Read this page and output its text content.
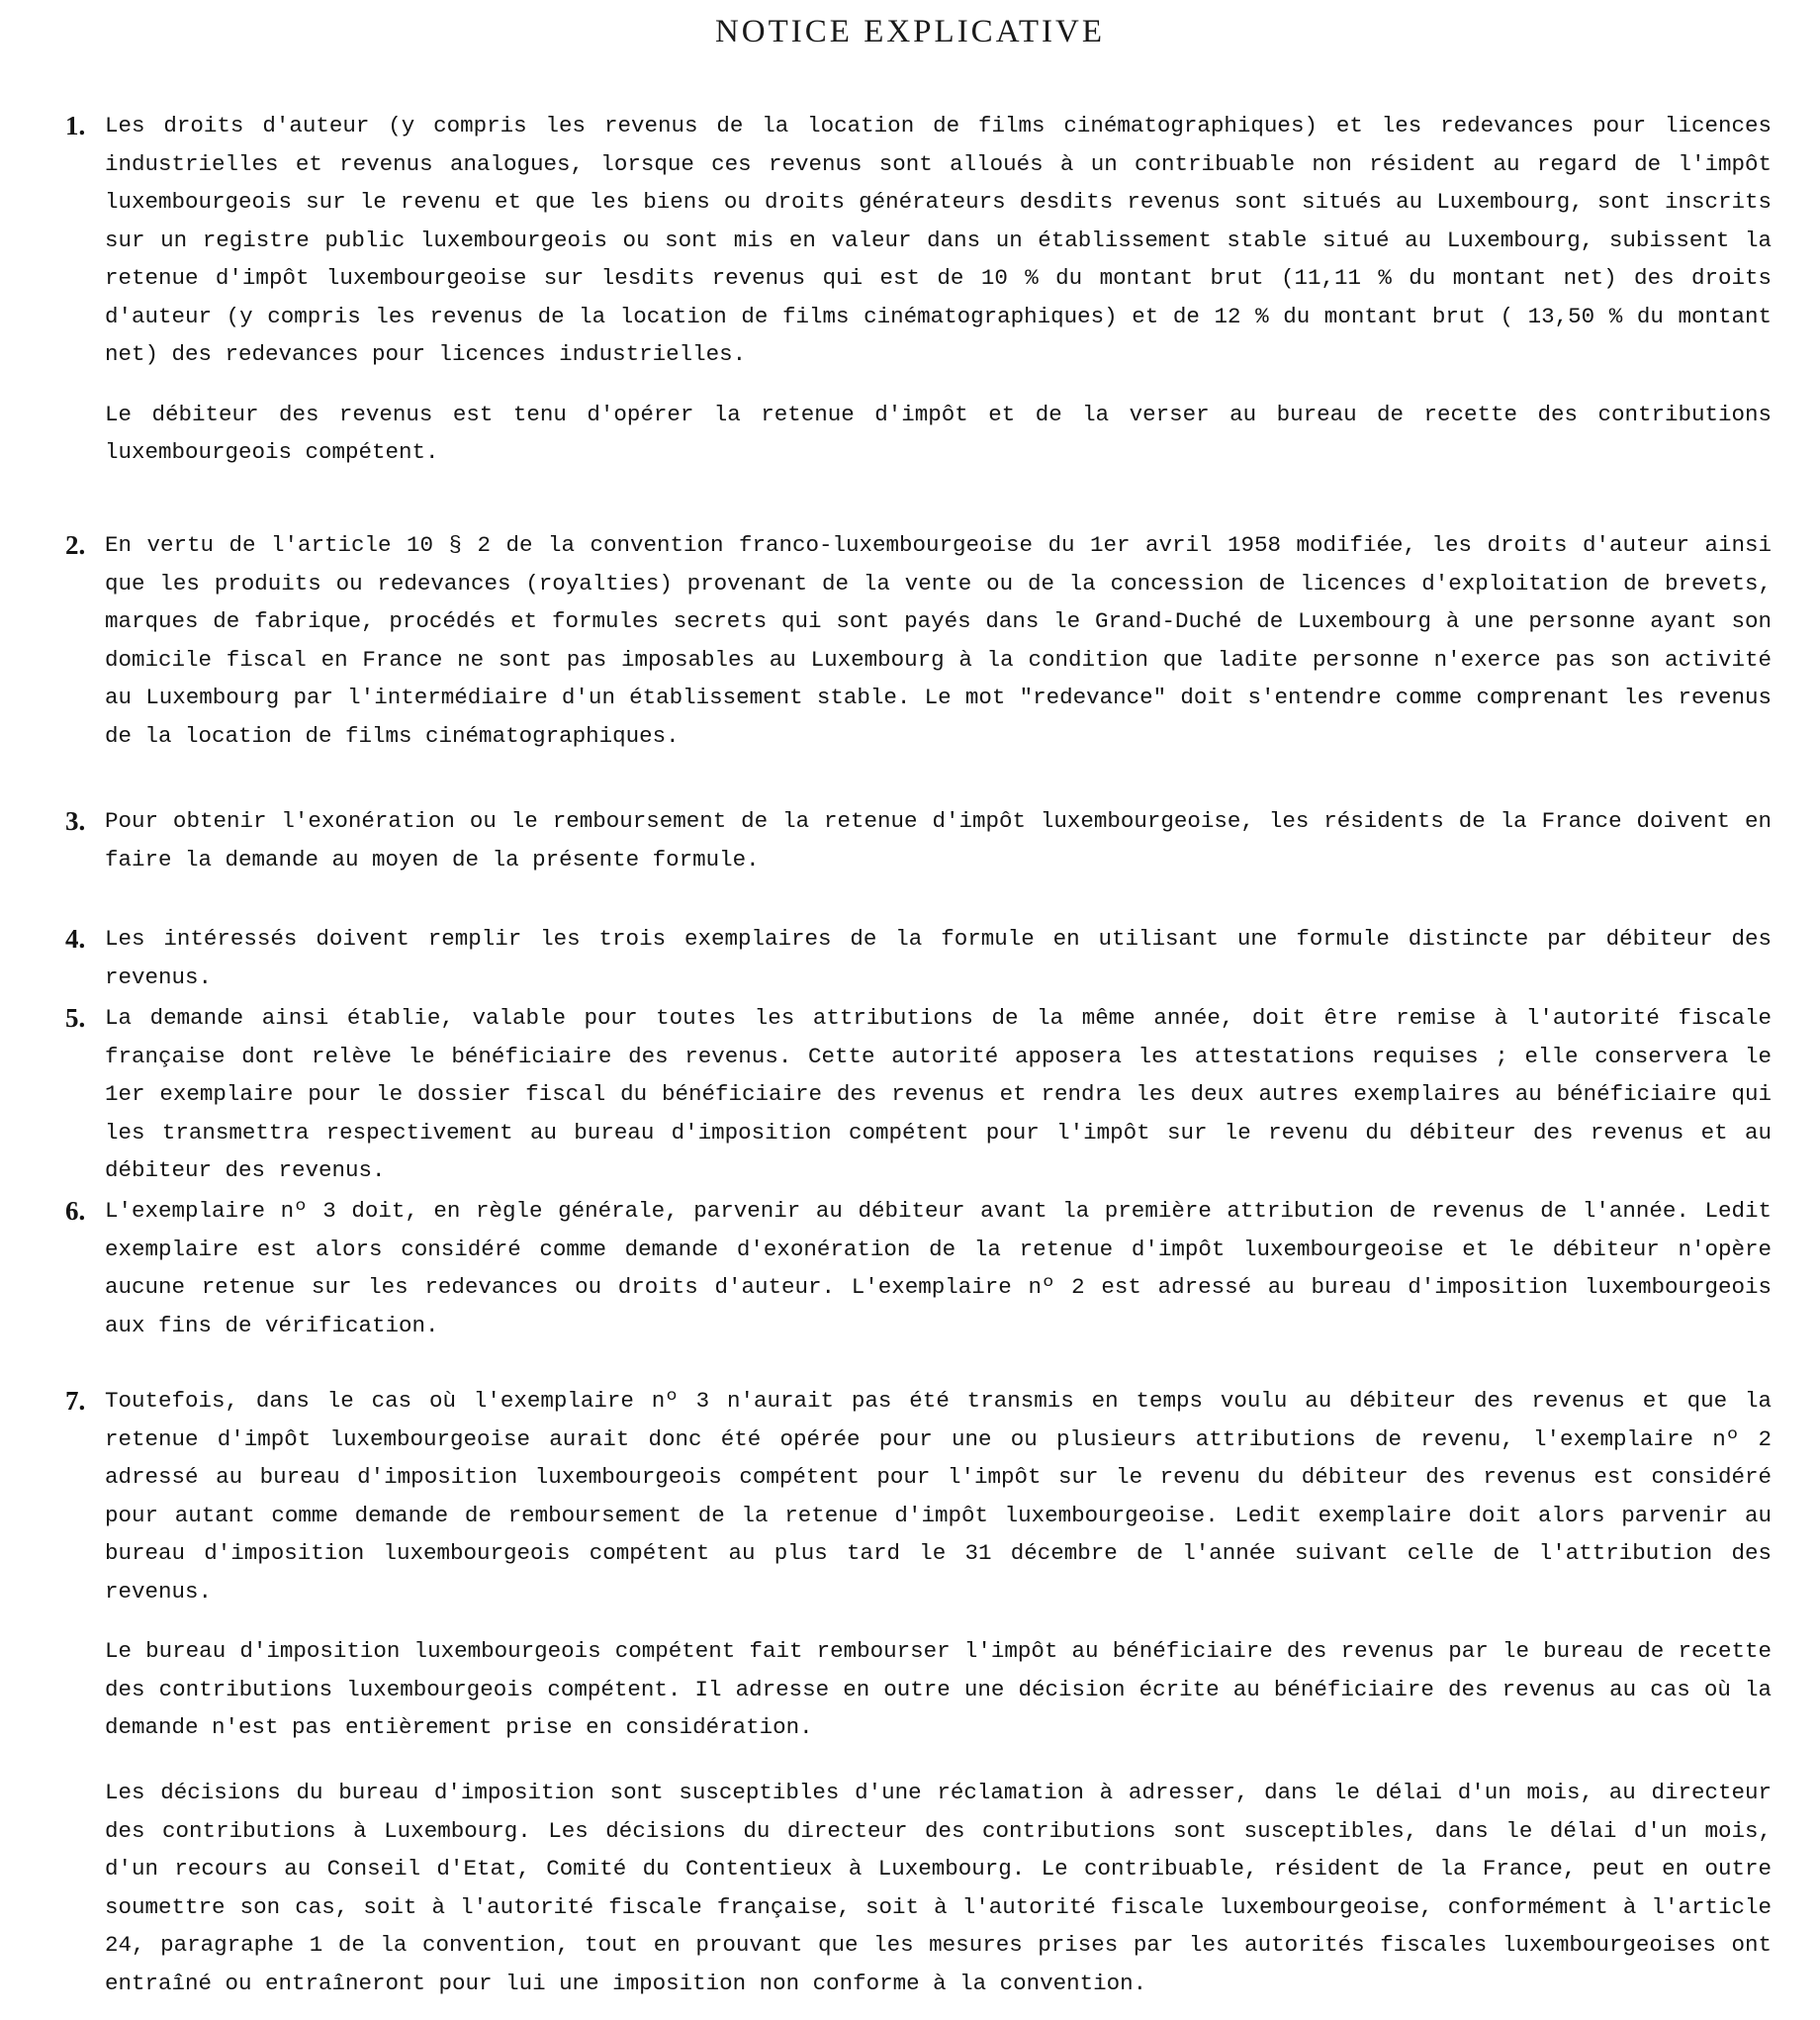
NOTICE EXPLICATIVE
1. Les droits d'auteur (y compris les revenus de la location de films cinématographiques) et les redevances pour licences industrielles et revenus analogues, lorsque ces revenus sont alloués à un contribuable non résident au regard de l'impôt luxembourgeois sur le revenu et que les biens ou droits générateurs desdits revenus sont situés au Luxembourg, sont inscrits sur un registre public luxembourgeois ou sont mis en valeur dans un établissement stable situé au Luxembourg, subissent la retenue d'impôt luxembourgeoise sur lesdits revenus qui est de 10 % du montant brut (11,11 % du montant net) des droits d'auteur (y compris les revenus de la location de films cinématographiques) et de 12 % du montant brut ( 13,50 % du montant net) des redevances pour licences industrielles.

Le débiteur des revenus est tenu d'opérer la retenue d'impôt et de la verser au bureau de recette des contributions luxembourgeois compétent.

2. En vertu de l'article 10 § 2 de la convention franco-luxembourgeoise du 1er avril 1958 modifiée, les droits d'auteur ainsi que les produits ou redevances (royalties) provenant de la vente ou de la concession de licences d'exploitation de brevets, marques de fabrique, procédés et formules secrets qui sont payés dans le Grand-Duché de Luxembourg à une personne ayant son domicile fiscal en France ne sont pas imposables au Luxembourg à la condition que ladite personne n'exerce pas son activité au Luxembourg par l'intermédiaire d'un établissement stable. Le mot "redevance" doit s'entendre comme comprenant les revenus de la location de films cinématographiques.

3. Pour obtenir l'exonération ou le remboursement de la retenue d'impôt luxembourgeoise, les résidents de la France doivent en faire la demande au moyen de la présente formule.

4. Les intéressés doivent remplir les trois exemplaires de la formule en utilisant une formule distincte par débiteur des revenus.

5. La demande ainsi établie, valable pour toutes les attributions de la même année, doit être remise à l'autorité fiscale française dont relève le bénéficiaire des revenus. Cette autorité apposera les attestations requises ; elle conservera le 1er exemplaire pour le dossier fiscal du bénéficiaire des revenus et rendra les deux autres exemplaires au bénéficiaire qui les transmettra respectivement au bureau d'imposition compétent pour l'impôt sur le revenu du débiteur des revenus et au débiteur des revenus.

6. L'exemplaire nº 3 doit, en règle générale, parvenir au débiteur avant la première attribution de revenus de l'année. Ledit exemplaire est alors considéré comme demande d'exonération de la retenue d'impôt luxembourgeoise et le débiteur n'opère aucune retenue sur les redevances ou droits d'auteur. L'exemplaire nº 2 est adressé au bureau d'imposition luxembourgeois aux fins de vérification.

7. Toutefois, dans le cas où l'exemplaire nº 3 n'aurait pas été transmis en temps voulu au débiteur des revenus et que la retenue d'impôt luxembourgeoise aurait donc été opérée pour une ou plusieurs attributions de revenu, l'exemplaire nº 2 adressé au bureau d'imposition luxembourgeois compétent pour l'impôt sur le revenu du débiteur des revenus est considéré pour autant comme demande de remboursement de la retenue d'impôt luxembourgeoise. Ledit exemplaire doit alors parvenir au bureau d'imposition luxembourgeois compétent au plus tard le 31 décembre de l'année suivant celle de l'attribution des revenus.

Le bureau d'imposition luxembourgeois compétent fait rembourser l'impôt au bénéficiaire des revenus par le bureau de recette des contributions luxembourgeois compétent. Il adresse en outre une décision écrite au bénéficiaire des revenus au cas où la demande n'est pas entièrement prise en considération.

Les décisions du bureau d'imposition sont susceptibles d'une réclamation à adresser, dans le délai d'un mois, au directeur des contributions à Luxembourg. Les décisions du directeur des contributions sont susceptibles, dans le délai d'un mois, d'un recours au Conseil d'Etat, Comité du Contentieux à Luxembourg. Le contribuable, résident de la France, peut en outre soumettre son cas, soit à l'autorité fiscale française, soit à l'autorité fiscale luxembourgeoise, conformément à l'article 24, paragraphe 1 de la convention, tout en prouvant que les mesures prises par les autorités fiscales luxembourgeoises ont entraîné ou entraîneront pour lui une imposition non conforme à la convention.
